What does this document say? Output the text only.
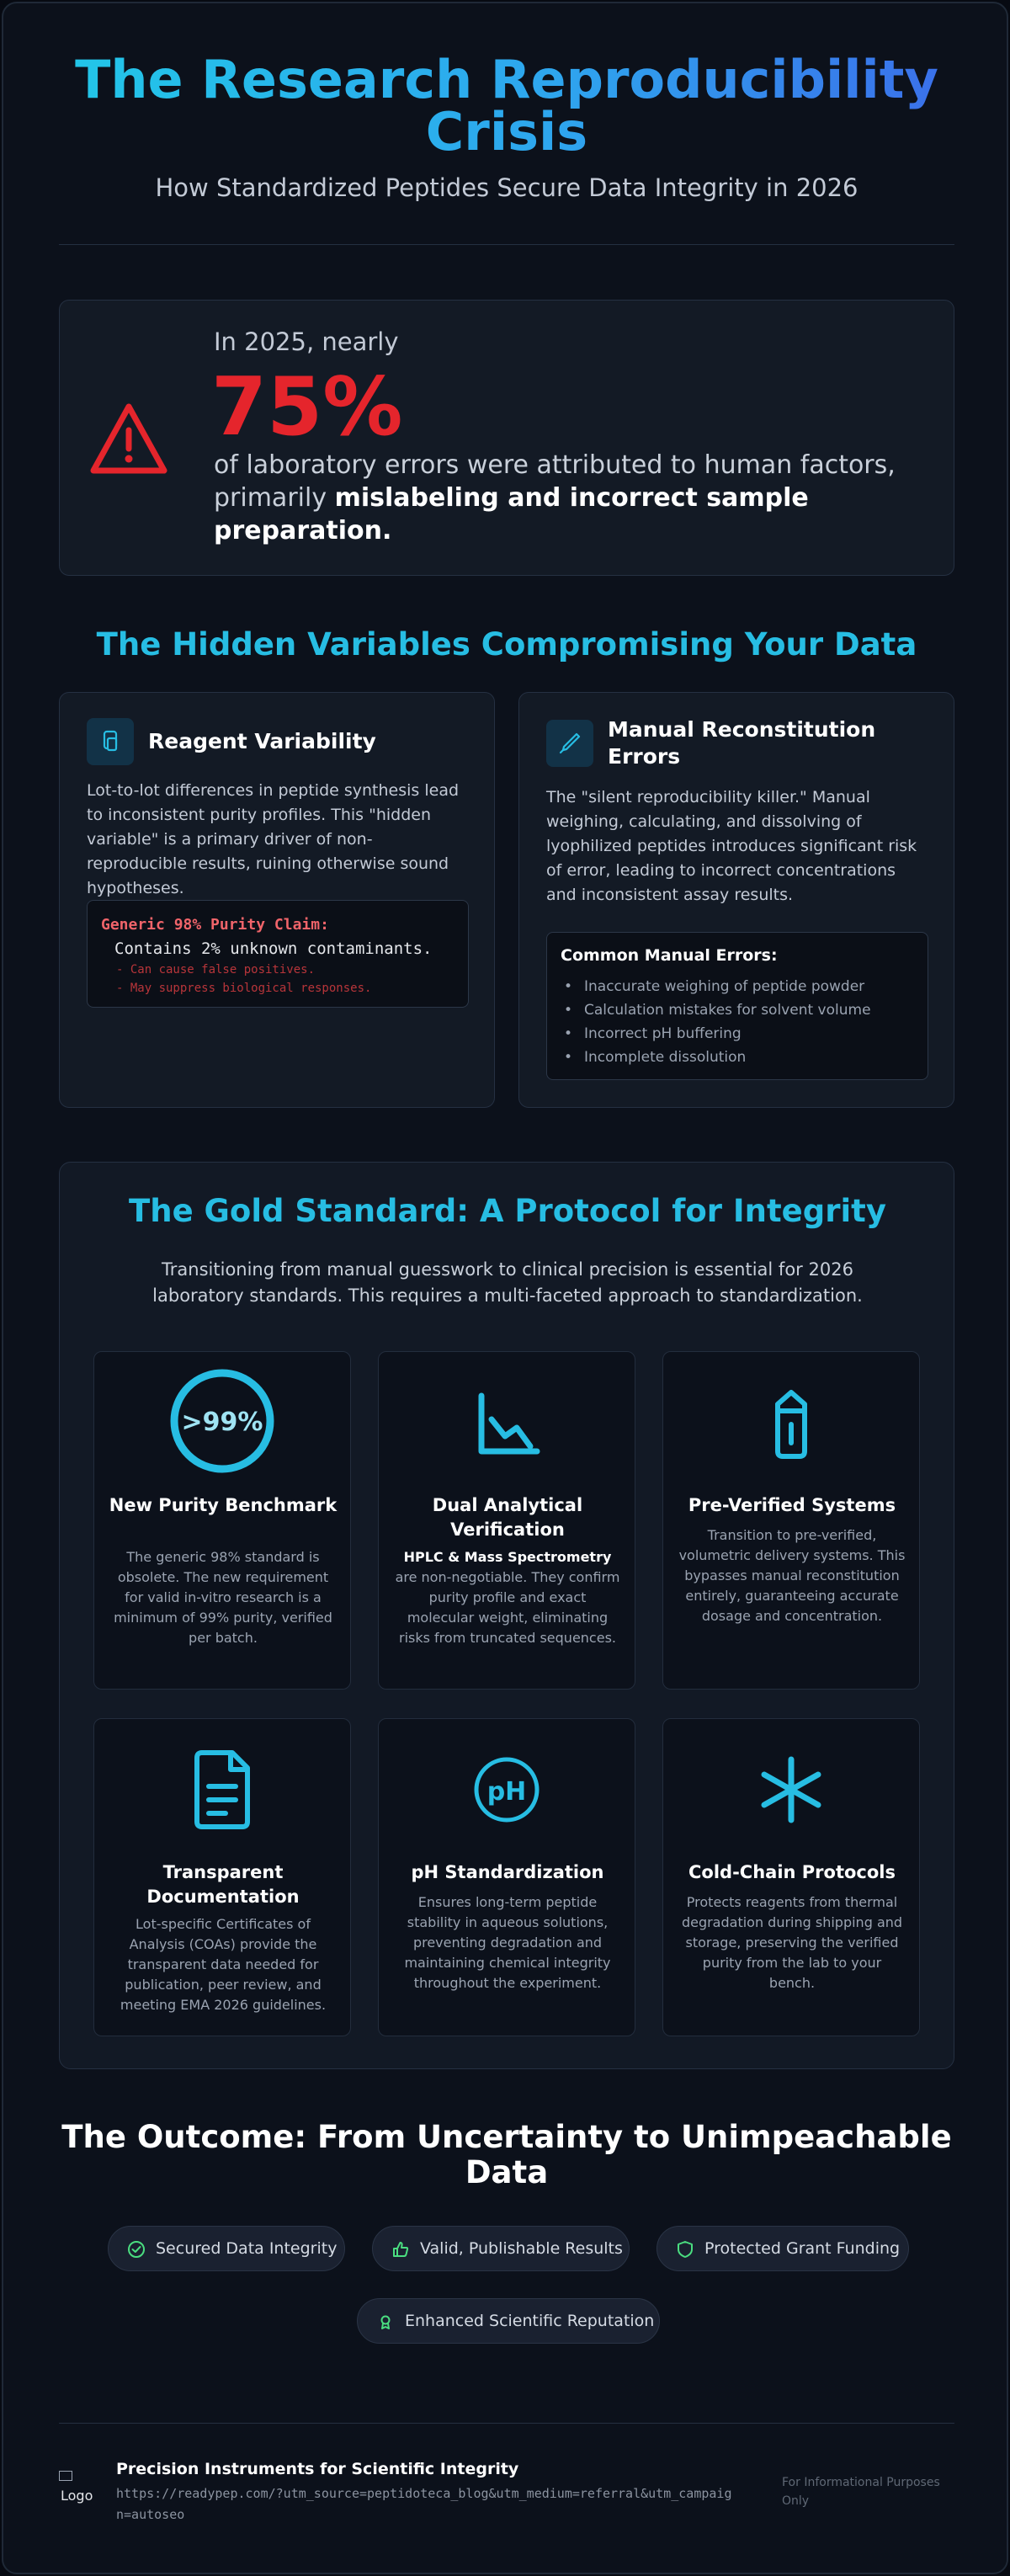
The Research Reproducibility
Crisis
How Standardized Peptides Secure Data Integrity in 2026
In 2025, nearly
75%
of laboratory errors were attributed to human factors, primarily mislabeling and incorrect sample preparation.
The Hidden Variables Compromising Your Data
Reagent Variability
Lot-to-lot differences in peptide synthesis lead to inconsistent purity profiles. This "hidden variable" is a primary driver of non-reproducible results, ruining otherwise sound hypotheses.
Generic 98% Purity Claim:
Contains 2% unknown contaminants.
- Can cause false positives.
- May suppress biological responses.
Manual Reconstitution
Errors
The "silent reproducibility killer." Manual weighing, calculating, and dissolving of lyophilized peptides introduces significant risk of error, leading to incorrect concentrations and inconsistent assay results.
Common Manual Errors:
• Inaccurate weighing of peptide powder
• Calculation mistakes for solvent volume
• Incorrect pH buffering
• Incomplete dissolution
The Gold Standard: A Protocol for Integrity
Transitioning from manual guesswork to clinical precision is essential for 2026 laboratory standards. This requires a multi-faceted approach to standardization.
>99%
New Purity Benchmark
The generic 98% standard is obsolete. The new requirement for valid in-vitro research is a minimum of 99% purity, verified per batch.
Dual Analytical Verification
HPLC & Mass Spectrometry
are non-negotiable. They confirm purity profile and exact molecular weight, eliminating risks from truncated sequences.
Pre-Verified Systems
Transition to pre-verified, volumetric delivery systems. This bypasses manual reconstitution entirely, guaranteeing accurate dosage and concentration.
Transparent Documentation
Lot-specific Certificates of Analysis (COAs) provide the transparent data needed for publication, peer review, and meeting EMA 2026 guidelines.
pH
pH Standardization
Ensures long-term peptide stability in aqueous solutions, preventing degradation and maintaining chemical integrity throughout the experiment.
Cold-Chain Protocols
Protects reagents from thermal degradation during shipping and storage, preserving the verified purity from the lab to your bench.
The Outcome: From Uncertainty to Unimpeachable Data
Secured Data Integrity	Valid, Publishable Results	Protected Grant Funding
Enhanced Scientific Reputation
Logo
Precision Instruments for Scientific Integrity
https://readypep.com/?utm_source=peptidoteca_blog&utm_medium=referral&utm_campaign=autoseo
For Informational Purposes Only
